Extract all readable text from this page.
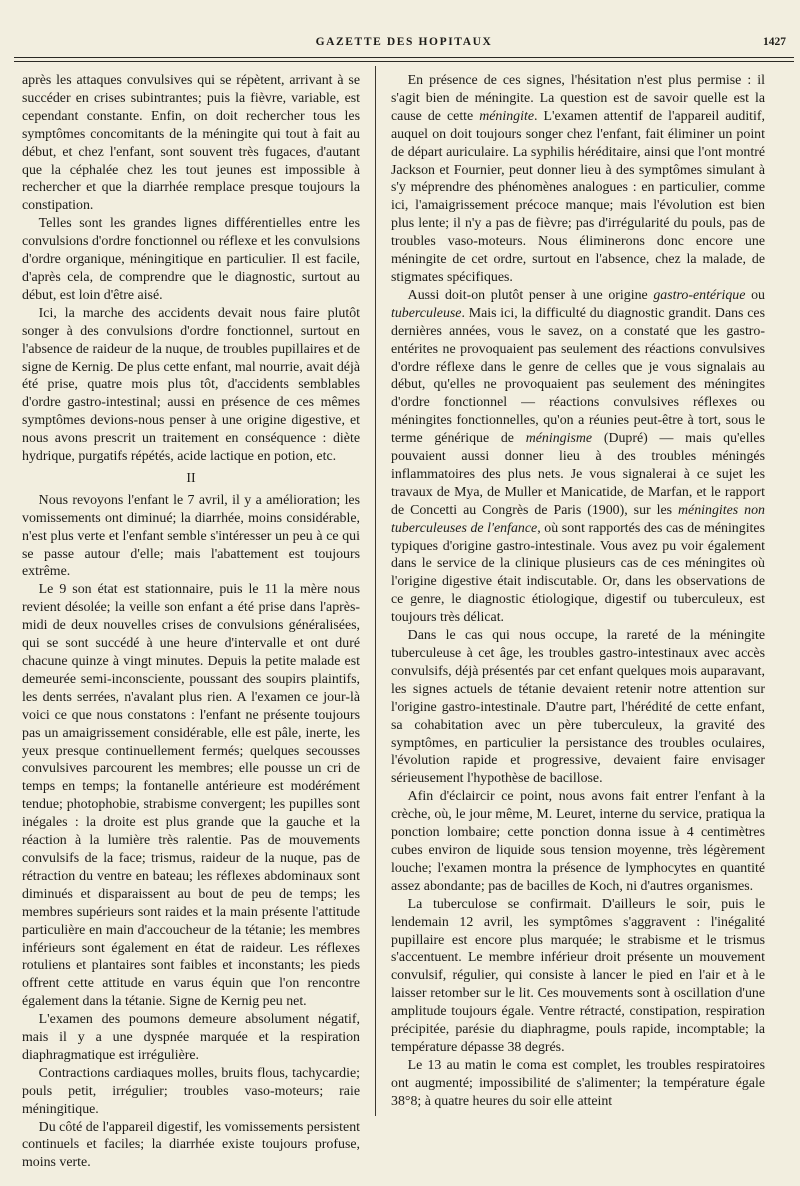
GAZETTE DES HOPITAUX	1427

après les attaques convulsives qui se répètent, arrivant à se succéder en crises subintrantes; puis la fièvre, variable, est cependant constante. Enfin, on doit rechercher tous les symptômes concomitants de la méningite qui tout à fait au début, et chez l'enfant, sont souvent très fugaces, d'autant que la céphalée chez les tout jeunes est impossible à rechercher et que la diarrhée remplace presque toujours la constipation.

Telles sont les grandes lignes différentielles entre les convulsions d'ordre fonctionnel ou réflexe et les convulsions d'ordre organique, méningitique en particulier. Il est facile, d'après cela, de comprendre que le diagnostic, surtout au début, est loin d'être aisé.

Ici, la marche des accidents devait nous faire plutôt songer à des convulsions d'ordre fonctionnel, surtout en l'absence de raideur de la nuque, de troubles pupillaires et de signe de Kernig. De plus cette enfant, mal nourrie, avait déjà été prise, quatre mois plus tôt, d'accidents semblables d'ordre gastro-intestinal; aussi en présence de ces mêmes symptômes devions-nous penser à une origine digestive, et nous avons prescrit un traitement en conséquence : diète hydrique, purgatifs répétés, acide lactique en potion, etc.

II

Nous revoyons l'enfant le 7 avril, il y a amélioration; les vomissements ont diminué; la diarrhée, moins considérable, n'est plus verte et l'enfant semble s'intéresser un peu à ce qui se passe autour d'elle; mais l'abattement est toujours extrême.

Le 9 son état est stationnaire, puis le 11 la mère nous revient désolée; la veille son enfant a été prise dans l'après-midi de deux nouvelles crises de convulsions généralisées, qui se sont succédé à une heure d'intervalle et ont duré chacune quinze à vingt minutes. Depuis la petite malade est demeurée semi-inconsciente, poussant des soupirs plaintifs, les dents serrées, n'avalant plus rien. A l'examen ce jour-là voici ce que nous constatons : l'enfant ne présente toujours pas un amaigrissement considérable, elle est pâle, inerte, les yeux presque continuellement fermés; quelques secousses convulsives parcourent les membres; elle pousse un cri de temps en temps; la fontanelle antérieure est modérément tendue; photophobie, strabisme convergent; les pupilles sont inégales : la droite est plus grande que la gauche et la réaction à la lumière très ralentie. Pas de mouvements convulsifs de la face; trismus, raideur de la nuque, pas de rétraction du ventre en bateau; les réflexes abdominaux sont diminués et disparaissent au bout de peu de temps; les membres supérieurs sont raides et la main présente l'attitude particulière en main d'accoucheur de la tétanie; les membres inférieurs sont également en état de raideur. Les réflexes rotuliens et plantaires sont faibles et inconstants; les pieds offrent cette attitude en varus équin que l'on rencontre également dans la tétanie. Signe de Kernig peu net.

L'examen des poumons demeure absolument négatif, mais il y a une dyspnée marquée et la respiration diaphragmatique est irrégulière.

Contractions cardiaques molles, bruits flous, tachycardie; pouls petit, irrégulier; troubles vaso-moteurs; raie méningitique.

Du côté de l'appareil digestif, les vomissements persistent continuels et faciles; la diarrhée existe toujours profuse, moins verte.

En présence de ces signes, l'hésitation n'est plus permise : il s'agit bien de méningite. La question est de savoir quelle est la cause de cette méningite. L'examen attentif de l'appareil auditif, auquel on doit toujours songer chez l'enfant, fait éliminer un point de départ auriculaire. La syphilis héréditaire, ainsi que l'ont montré Jackson et Fournier, peut donner lieu à des symptômes simulant à s'y méprendre des phénomènes analogues : en particulier, comme ici, l'amaigrissement précoce manque; mais l'évolution est bien plus lente; il n'y a pas de fièvre; pas d'irrégularité du pouls, pas de troubles vaso-moteurs. Nous éliminerons donc encore une méningite de cet ordre, surtout en l'absence, chez la malade, de stigmates spécifiques.

Aussi doit-on plutôt penser à une origine gastro-entérique ou tuberculeuse. Mais ici, la difficulté du diagnostic grandit. Dans ces dernières années, vous le savez, on a constaté que les gastro-entérites ne provoquaient pas seulement des réactions convulsives d'ordre réflexe dans le genre de celles que je vous signalais au début, qu'elles ne provoquaient pas seulement des méningites d'ordre fonctionnel — réactions convulsives réflexes ou méningites fonctionnelles, qu'on a réunies peut-être à tort, sous le terme générique de méningisme (Dupré) — mais qu'elles pouvaient aussi donner lieu à des troubles méningés inflammatoires des plus nets. Je vous signalerai à ce sujet les travaux de Mya, de Muller et Manicatide, de Marfan, et le rapport de Concetti au Congrès de Paris (1900), sur les méningites non tuberculeuses de l'enfance, où sont rapportés des cas de méningites typiques d'origine gastro-intestinale. Vous avez pu voir également dans le service de la clinique plusieurs cas de ces méningites où l'origine digestive était indiscutable. Or, dans les observations de ce genre, le diagnostic étiologique, digestif ou tuberculeux, est toujours très délicat.

Dans le cas qui nous occupe, la rareté de la méningite tuberculeuse à cet âge, les troubles gastro-intestinaux avec accès convulsifs, déjà présentés par cet enfant quelques mois auparavant, les signes actuels de tétanie devaient retenir notre attention sur l'origine gastro-intestinale. D'autre part, l'hérédité de cette enfant, sa cohabitation avec un père tuberculeux, la gravité des symptômes, en particulier la persistance des troubles oculaires, l'évolution rapide et progressive, devaient faire envisager sérieusement l'hypothèse de bacillose.

Afin d'éclaircir ce point, nous avons fait entrer l'enfant à la crèche, où, le jour même, M. Leuret, interne du service, pratiqua la ponction lombaire; cette ponction donna issue à 4 centimètres cubes environ de liquide sous tension moyenne, très légèrement louche; l'examen montra la présence de lymphocytes en quantité assez abondante; pas de bacilles de Koch, ni d'autres organismes.

La tuberculose se confirmait. D'ailleurs le soir, puis le lendemain 12 avril, les symptômes s'aggravent : l'inégalité pupillaire est encore plus marquée; le strabisme et le trismus s'accentuent. Le membre inférieur droit présente un mouvement convulsif, régulier, qui consiste à lancer le pied en l'air et à le laisser retomber sur le lit. Ces mouvements sont à oscillation d'une amplitude toujours égale. Ventre rétracté, constipation, respiration précipitée, parésie du diaphragme, pouls rapide, incomptable; la température dépasse 38 degrés.

Le 13 au matin le coma est complet, les troubles respiratoires ont augmenté; impossibilité de s'alimenter; la température égale 38°8; à quatre heures du soir elle atteint
